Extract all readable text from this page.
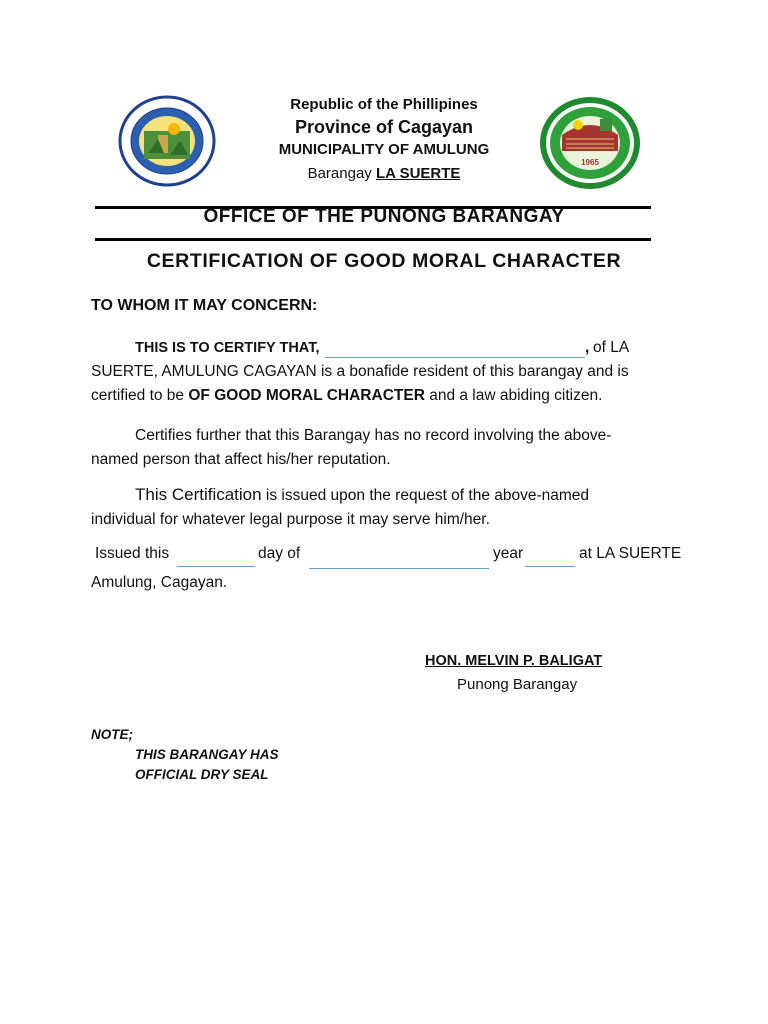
1965
Republic of the Phillipines
Province of Cagayan
MUNICIPALITY OF AMULUNG
Barangay LA SUERTE
OFFICE OF THE PUNONG BARANGAY
CERTIFICATION OF GOOD MORAL CHARACTER
TO WHOM IT MAY CONCERN:
THIS IS TO CERTIFY THAT,	, of LA
SUERTE, AMULUNG CAGAYAN is a bonafide resident of this barangay and is
certified to be OF GOOD MORAL CHARACTER and a law abiding citizen.
Certifies further that this Barangay has no record involving the above-
named person that affect his/her reputation.
This Certification is issued upon the request of the above-named
individual for whatever legal purpose it may serve him/her.
Issued this	day of	year	at LA SUERTE
Amulung, Cagayan.
HON. MELVIN P. BALIGAT
Punong Barangay
NOTE;
THIS BARANGAY HAS
OFFICIAL DRY SEAL
